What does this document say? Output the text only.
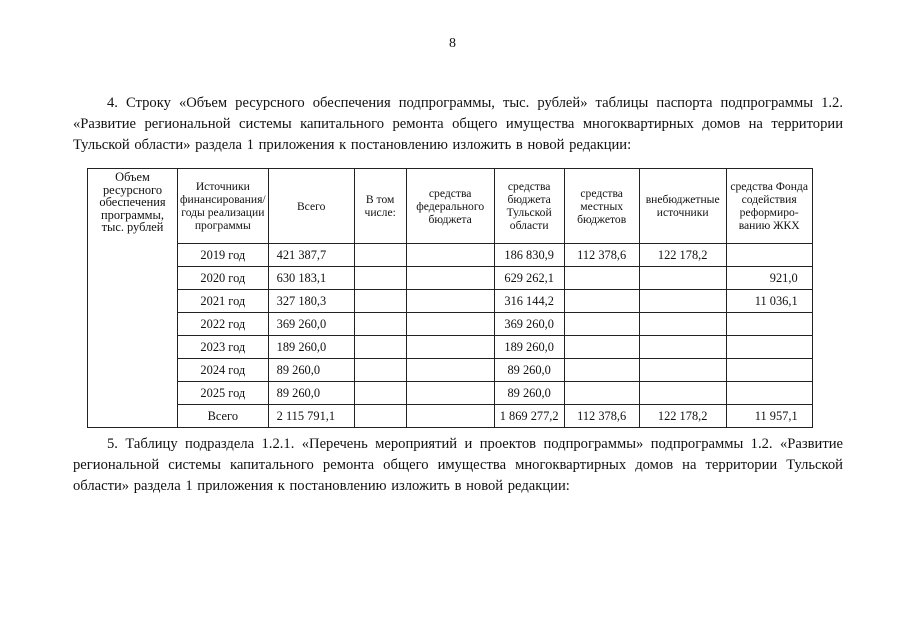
8

4. Строку «Объем ресурсного обеспечения подпрограммы, тыс. рублей» таблицы паспорта подпрограммы 1.2. «Развитие региональной системы капитального ремонта общего имущества многоквартирных домов на территории Тульской области» раздела 1 приложения к постановлению изложить в новой редакции:

Объем ресурсного обеспечения программы, тыс. рублей	Источники финансирования/ годы реализации программы	Всего	В том числе:	средства федерального бюджета	средства бюджета Тульской области	средства местных бюджетов	внебюджетные источники	средства Фонда содействия реформиро-ванию ЖКХ
	2019 год	421 387,7			186 830,9	112 378,6	122 178,2	
	2020 год	630 183,1			629 262,1			921,0
	2021 год	327 180,3			316 144,2			11 036,1
	2022 год	369 260,0			369 260,0			
	2023 год	189 260,0			189 260,0			
	2024 год	89 260,0			89 260,0			
	2025 год	89 260,0			89 260,0			
	Всего	2 115 791,1			1 869 277,2	112 378,6	122 178,2	11 957,1

5. Таблицу подраздела 1.2.1. «Перечень мероприятий и проектов подпрограммы» подпрограммы 1.2. «Развитие региональной системы капитального ремонта общего имущества многоквартирных домов на территории Тульской области» раздела 1 приложения к постановлению изложить в новой редакции:
